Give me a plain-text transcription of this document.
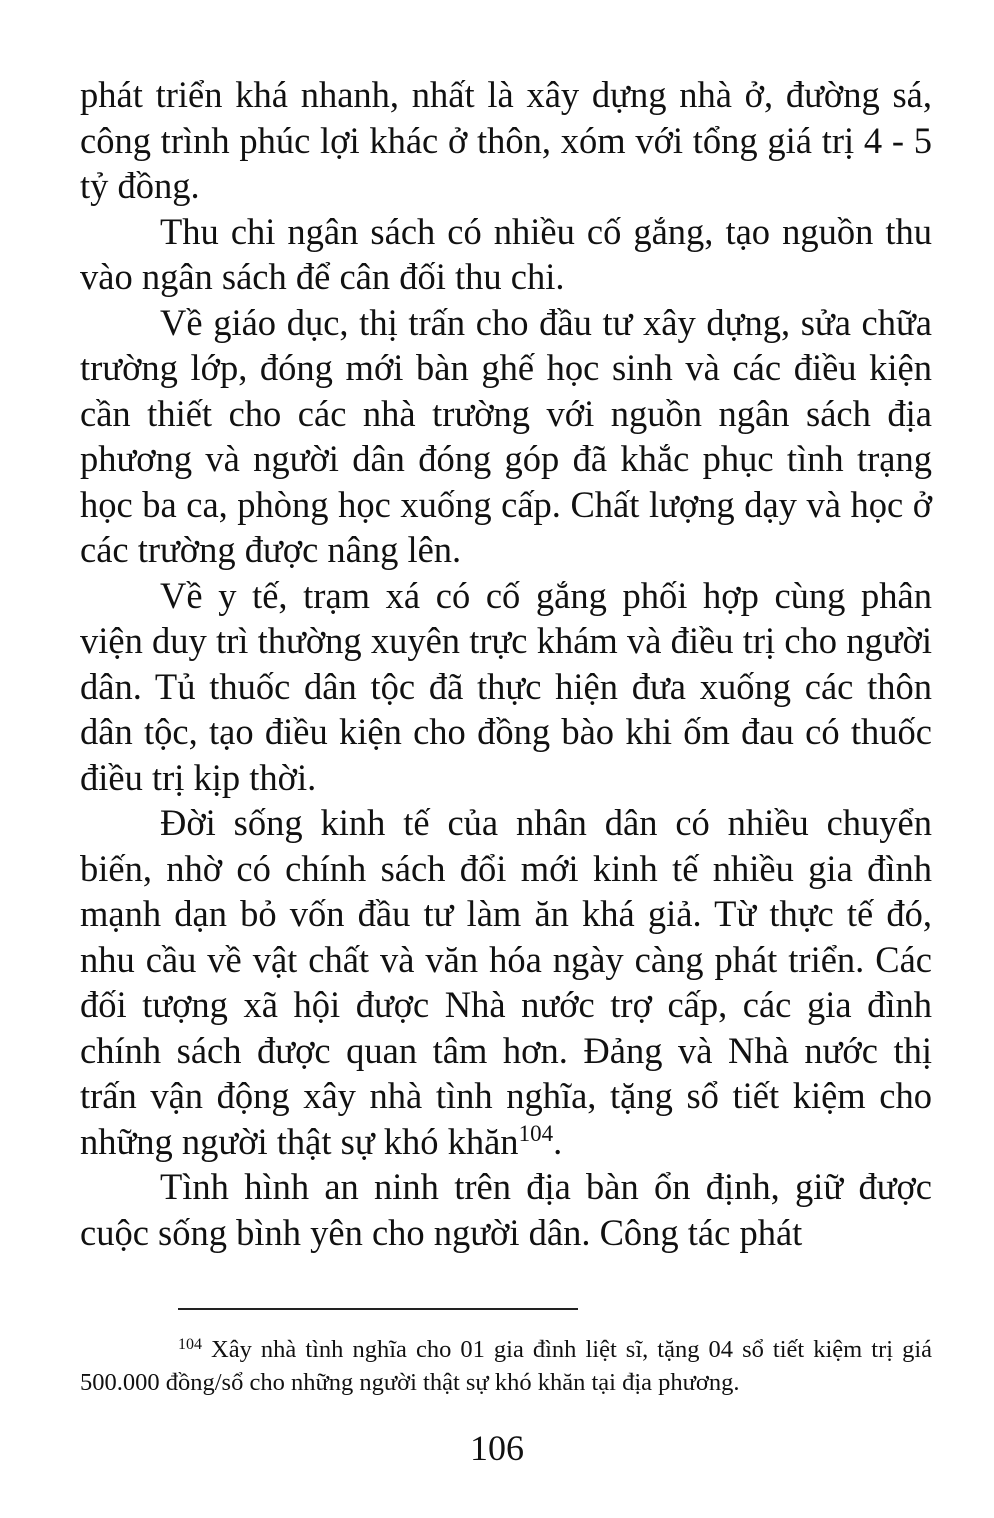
phát triển khá nhanh, nhất là xây dựng nhà ở, đường sá, công trình phúc lợi khác ở thôn, xóm với tổng giá trị 4 - 5 tỷ đồng.

Thu chi ngân sách có nhiều cố gắng, tạo nguồn thu vào ngân sách để cân đối thu chi.

Về giáo dục, thị trấn cho đầu tư xây dựng, sửa chữa trường lớp, đóng mới bàn ghế học sinh và các điều kiện cần thiết cho các nhà trường với nguồn ngân sách địa phương và người dân đóng góp đã khắc phục tình trạng học ba ca, phòng học xuống cấp. Chất lượng dạy và học ở các trường được nâng lên.

Về y tế, trạm xá có cố gắng phối hợp cùng phân viện duy trì thường xuyên trực khám và điều trị cho người dân. Tủ thuốc dân tộc đã thực hiện đưa xuống các thôn dân tộc, tạo điều kiện cho đồng bào khi ốm đau có thuốc điều trị kịp thời.

Đời sống kinh tế của nhân dân có nhiều chuyển biến, nhờ có chính sách đổi mới kinh tế nhiều gia đình mạnh dạn bỏ vốn đầu tư làm ăn khá giả. Từ thực tế đó, nhu cầu về vật chất và văn hóa ngày càng phát triển. Các đối tượng xã hội được Nhà nước trợ cấp, các gia đình chính sách được quan tâm hơn. Đảng và Nhà nước thị trấn vận động xây nhà tình nghĩa, tặng sổ tiết kiệm cho những người thật sự khó khăn$^{104}$.

Tình hình an ninh trên địa bàn ổn định, giữ được cuộc sống bình yên cho người dân. Công tác phát

$^{104}$ Xây nhà tình nghĩa cho 01 gia đình liệt sĩ, tặng 04 sổ tiết kiệm trị giá 500.000 đồng/sổ cho những người thật sự khó khăn tại địa phương.
106
